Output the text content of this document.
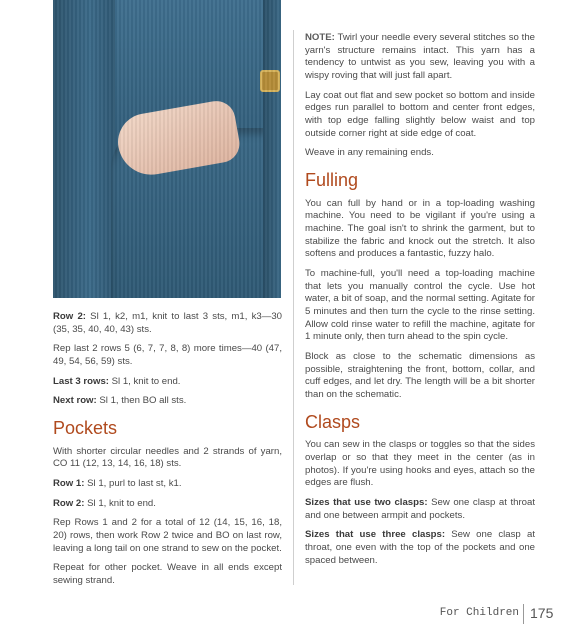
Row 2: Sl 1, k2, m1, knit to last 3 sts, m1, k3—30 (35, 35, 40, 40, 43) sts.

Rep last 2 rows 5 (6, 7, 7, 8, 8) more times—40 (47, 49, 54, 56, 59) sts.

Last 3 rows: Sl 1, knit to end.

Next row: Sl 1, then BO all sts.

Pockets

With shorter circular needles and 2 strands of yarn, CO 11 (12, 13, 14, 16, 18) sts.

Row 1: Sl 1, purl to last st, k1.

Row 2: Sl 1, knit to end.

Rep Rows 1 and 2 for a total of 12 (14, 15, 16, 18, 20) rows, then work Row 2 twice and BO on last row, leaving a long tail on one strand to sew on the pocket.

Repeat for other pocket. Weave in all ends except sewing strand.

NOTE: Twirl your needle every several stitches so the yarn's structure remains intact. This yarn has a tendency to untwist as you sew, leaving you with a wispy roving that will just fall apart.

Lay coat out flat and sew pocket so bottom and inside edges run parallel to bottom and center front edges, with top edge falling slightly below waist and top outside corner right at side edge of coat.

Weave in any remaining ends.

Fulling

You can full by hand or in a top-loading washing machine. You need to be vigilant if you're using a machine. The goal isn't to shrink the garment, but to stabilize the fabric and knock out the stretch. It also softens and produces a fantastic, fuzzy halo.

To machine-full, you'll need a top-loading machine that lets you manually control the cycle. Use hot water, a bit of soap, and the normal setting. Agitate for 5 minutes and then turn the cycle to the rinse setting. Allow cold rinse water to refill the machine, agitate for 1 minute only, then turn ahead to the spin cycle.

Block as close to the schematic dimensions as possible, straightening the front, bottom, collar, and cuff edges, and let dry. The length will be a bit shorter than on the schematic.

Clasps

You can sew in the clasps or toggles so that the sides overlap or so that they meet in the center (as in photos). If you're using hooks and eyes, attach so the edges are flush.

Sizes that use two clasps: Sew one clasp at throat and one between armpit and pockets.

Sizes that use three clasps: Sew one clasp at throat, one even with the top of the pockets and one spaced between.

For Children 175
